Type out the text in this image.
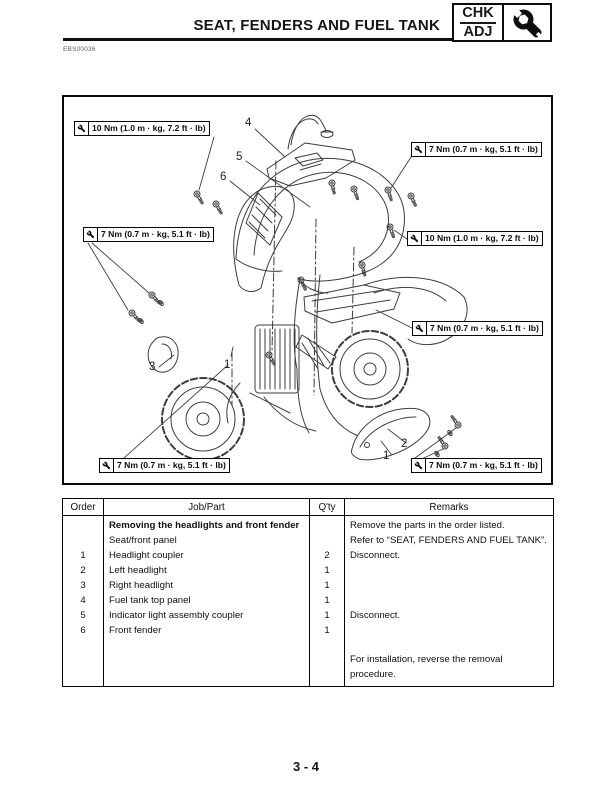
SEAT, FENDERS AND FUEL TANK
CHK
ADJ
EBS00036
10 Nm (1.0 m · kg, 7.2 ft · lb)
7 Nm (0.7 m · kg, 5.1 ft · lb)
7 Nm (0.7 m · kg, 5.1 ft · lb)
10 Nm (1.0 m · kg, 7.2 ft · lb)
7 Nm (0.7 m · kg, 5.1 ft · lb)
7 Nm (0.7 m · kg, 5.1 ft · lb)
7 Nm (0.7 m · kg, 5.1 ft · lb)
4
5
6
3	1
2
1
Order	Job/Part	Q'ty	Remarks
	Removing the headlights and front fender		Remove the parts in the order listed.
	Seat/front panel		Refer to “SEAT, FENDERS AND FUEL TANK”.
1	Headlight coupler	2	Disconnect.
2	Left headlight	1	
3	Right headlight	1	
4	Fuel tank top panel	1	
5	Indicator light assembly coupler	1	Disconnect.
6	Front fender	1	
			For installation, reverse the removal procedure.
3 - 4
